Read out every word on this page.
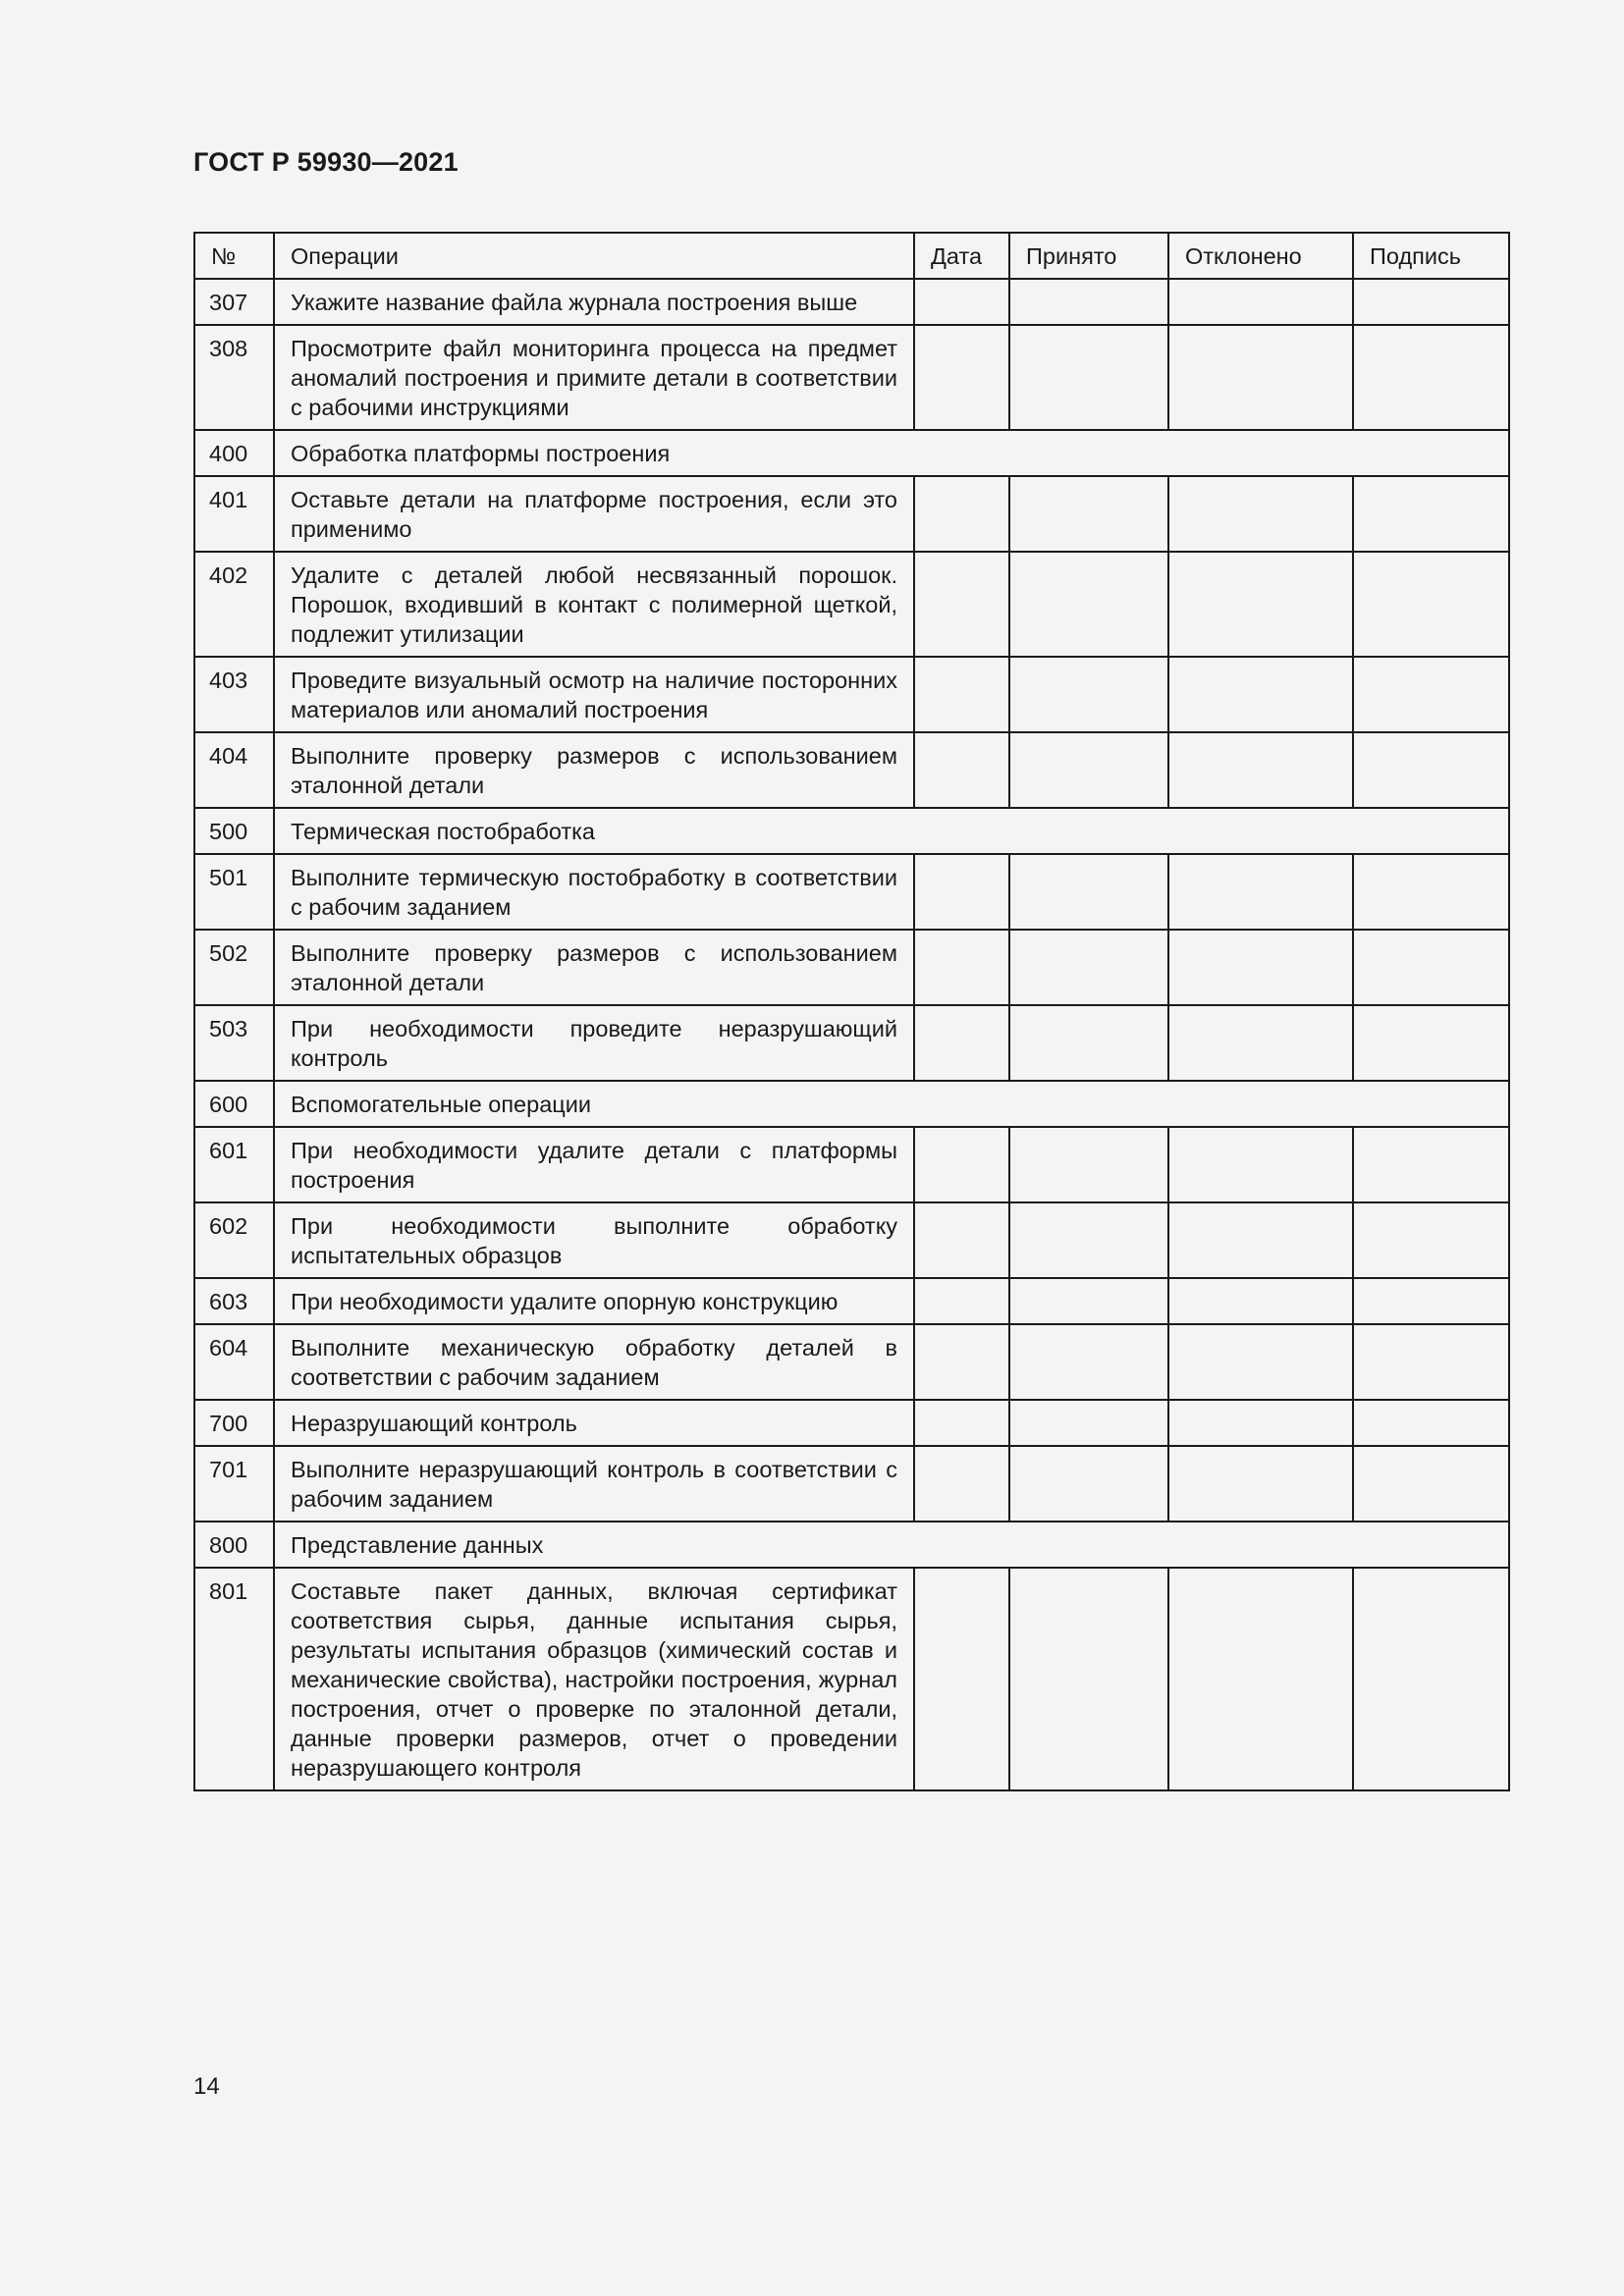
ГОСТ Р 59930—2021
№	Операции	Дата	Принято	Отклонено	Подпись
307	Укажите название файла журнала построения выше				
308	Просмотрите файл мониторинга процесса на предмет аномалий построения и примите детали в соответствии с рабочими инструкциями				
400	Обработка платформы построения				
401	Оставьте детали на платформе построения, если это применимо				
402	Удалите с деталей любой несвязанный порошок. Порошок, входивший в контакт с полимерной щеткой, подлежит утилизации				
403	Проведите визуальный осмотр на наличие посторонних материалов или аномалий построения				
404	Выполните проверку размеров с использованием эталонной детали				
500	Термическая постобработка				
501	Выполните термическую постобработку в соответствии с рабочим заданием				
502	Выполните проверку размеров с использованием эталонной детали				
503	При необходимости проведите неразрушающий контроль				
600	Вспомогательные операции				
601	При необходимости удалите детали с платформы построения				
602	При необходимости выполните обработку испытательных образцов				
603	При необходимости удалите опорную конструкцию				
604	Выполните механическую обработку деталей в соответствии с рабочим заданием				
700	Неразрушающий контроль				
701	Выполните неразрушающий контроль в соответствии с рабочим заданием				
800	Представление данных				
801	Составьте пакет данных, включая сертификат соответствия сырья, данные испытания сырья, результаты испытания образцов (химический состав и механические свойства), настройки построения, журнал построения, отчет о проверке по эталонной детали, данные проверки размеров, отчет о проведении неразрушающего контроля				
14
